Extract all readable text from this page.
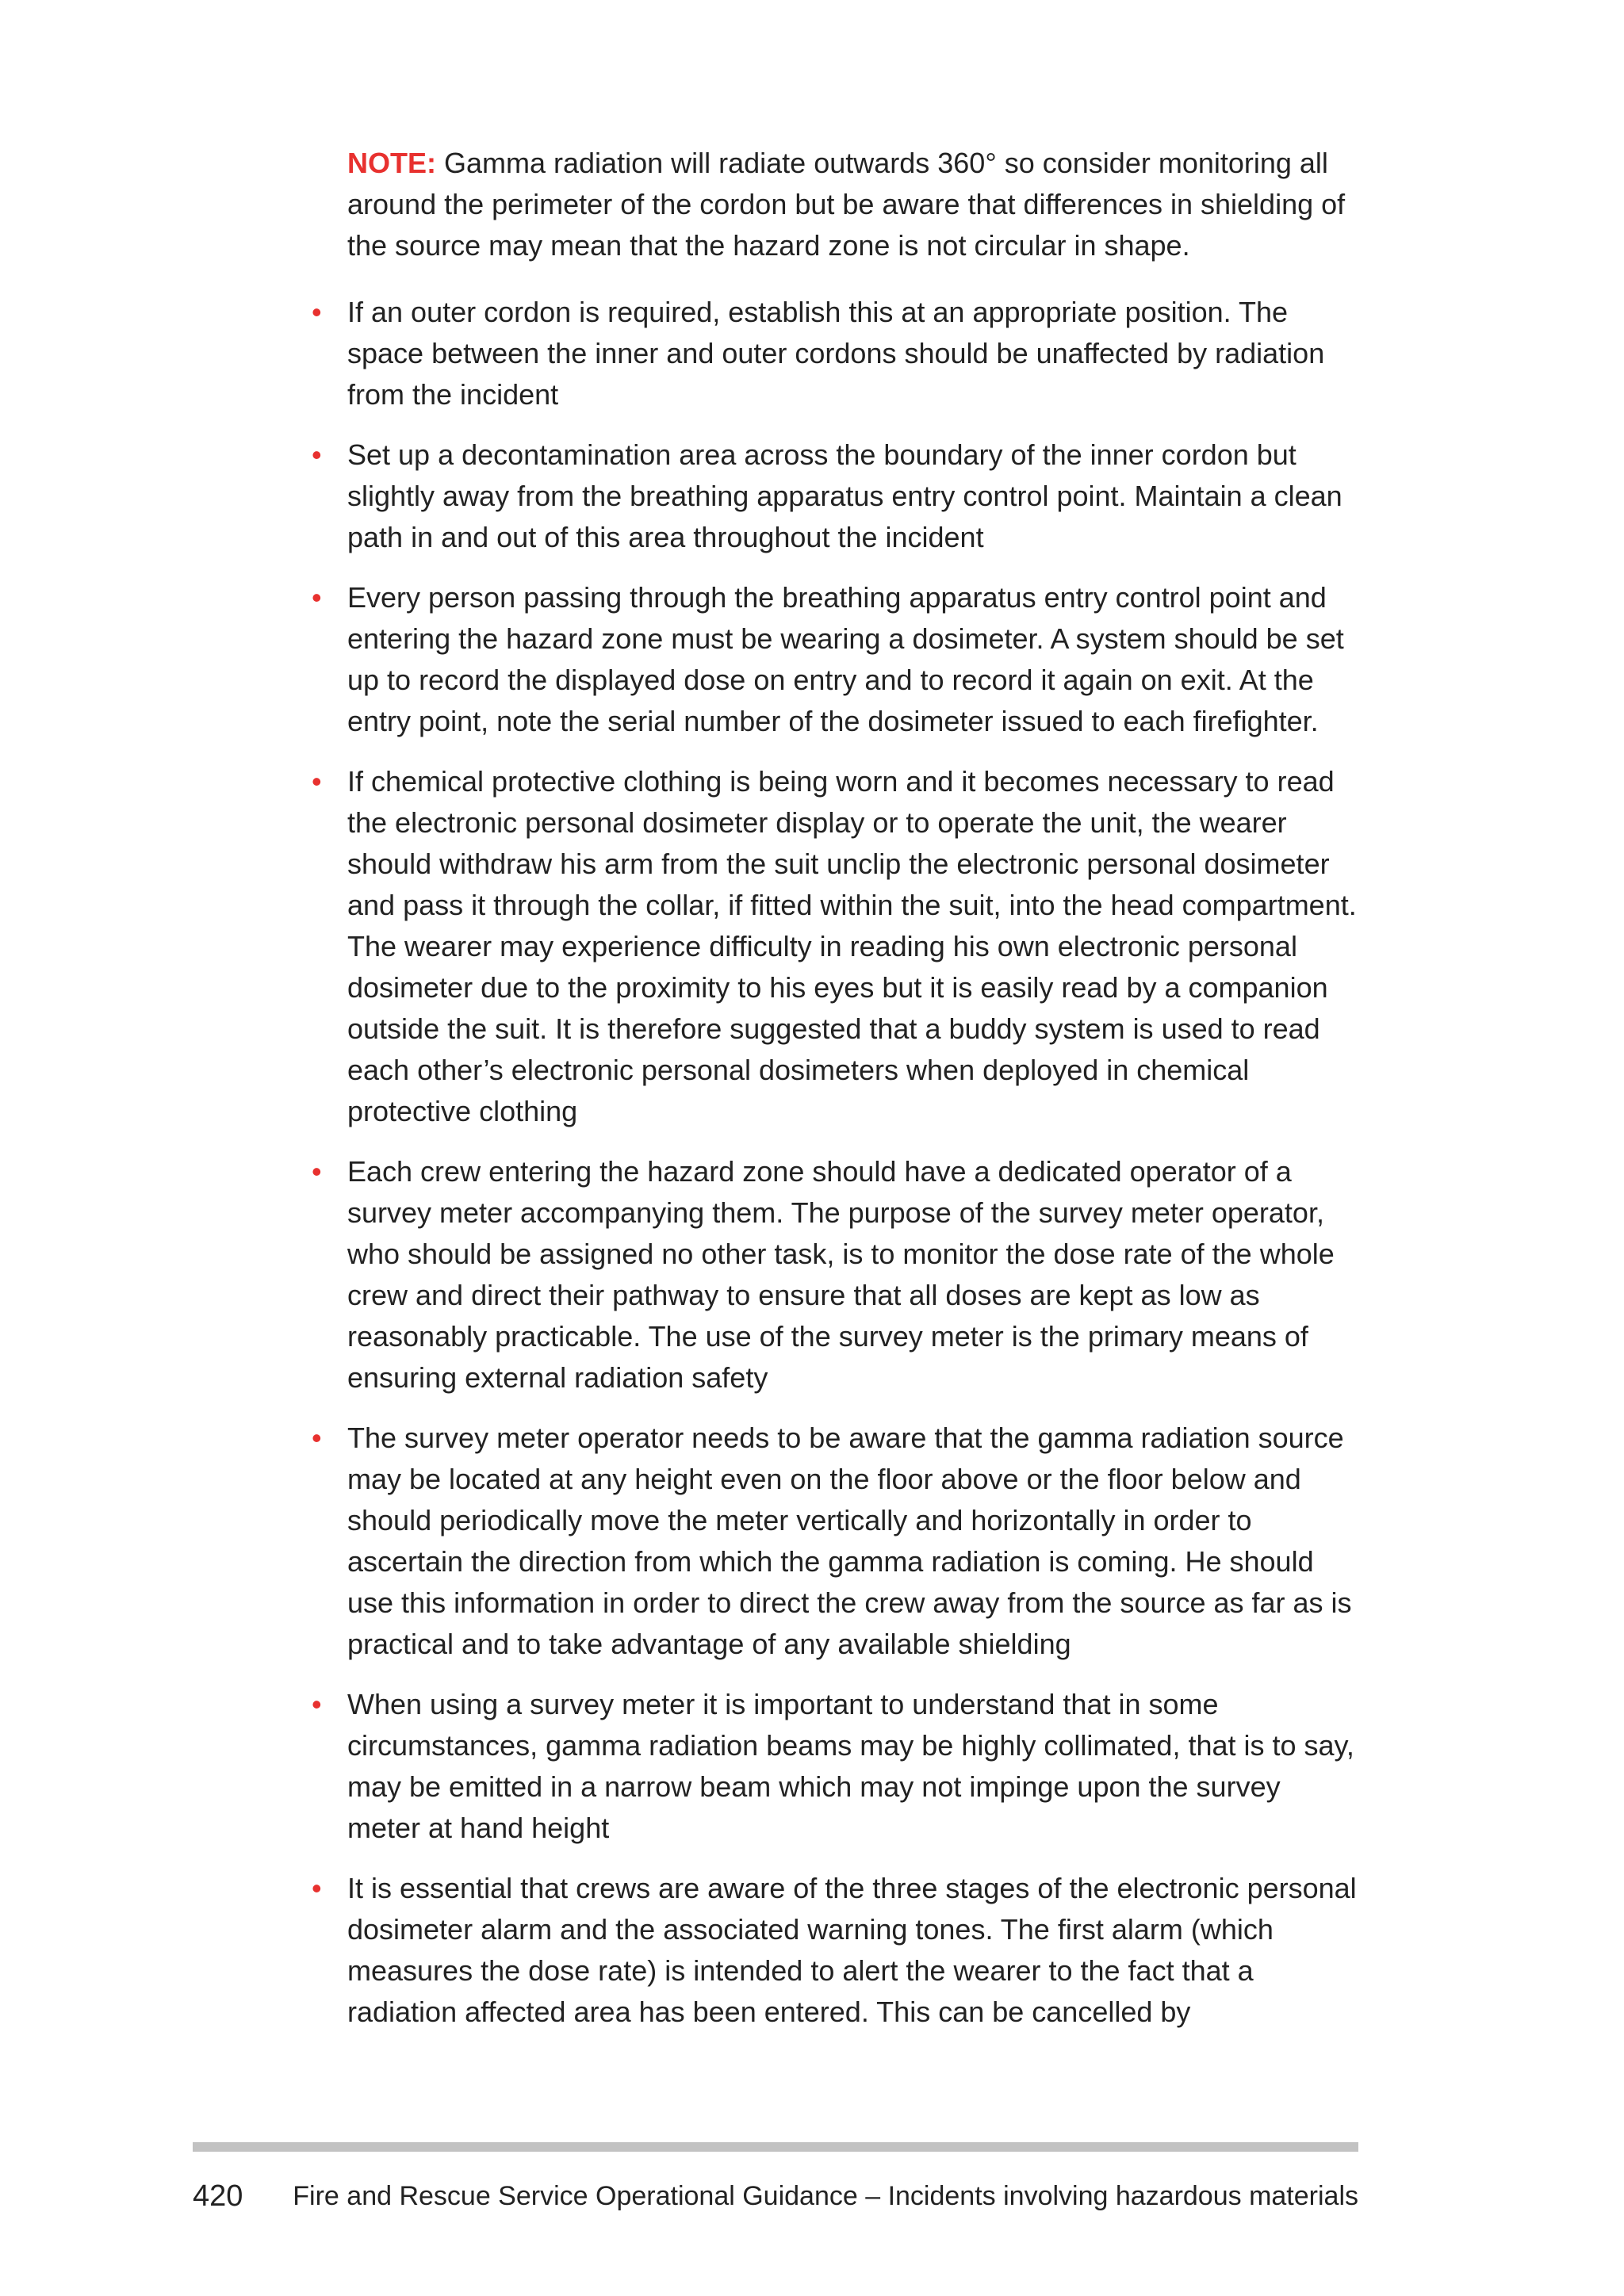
NOTE: Gamma radiation will radiate outwards 360° so consider monitoring all around the perimeter of the cordon but be aware that differences in shielding of the source may mean that the hazard zone is not circular in shape.

• If an outer cordon is required, establish this at an appropriate position. The space between the inner and outer cordons should be unaffected by radiation from the incident
• Set up a decontamination area across the boundary of the inner cordon but slightly away from the breathing apparatus entry control point. Maintain a clean path in and out of this area throughout the incident
• Every person passing through the breathing apparatus entry control point and entering the hazard zone must be wearing a dosimeter. A system should be set up to record the displayed dose on entry and to record it again on exit. At the entry point, note the serial number of the dosimeter issued to each firefighter.
• If chemical protective clothing is being worn and it becomes necessary to read the electronic personal dosimeter display or to operate the unit, the wearer should withdraw his arm from the suit unclip the electronic personal dosimeter and pass it through the collar, if fitted within the suit, into the head compartment. The wearer may experience difficulty in reading his own electronic personal dosimeter due to the proximity to his eyes but it is easily read by a companion outside the suit. It is therefore suggested that a buddy system is used to read each other’s electronic personal dosimeters when deployed in chemical protective clothing
• Each crew entering the hazard zone should have a dedicated operator of a survey meter accompanying them. The purpose of the survey meter operator, who should be assigned no other task, is to monitor the dose rate of the whole crew and direct their pathway to ensure that all doses are kept as low as reasonably practicable. The use of the survey meter is the primary means of ensuring external radiation safety
• The survey meter operator needs to be aware that the gamma radiation source may be located at any height even on the floor above or the floor below and should periodically move the meter vertically and horizontally in order to ascertain the direction from which the gamma radiation is coming. He should use this information in order to direct the crew away from the source as far as is practical and to take advantage of any available shielding
• When using a survey meter it is important to understand that in some circumstances, gamma radiation beams may be highly collimated, that is to say, may be emitted in a narrow beam which may not impinge upon the survey meter at hand height
• It is essential that crews are aware of the three stages of the electronic personal dosimeter alarm and the associated warning tones. The first alarm (which measures the dose rate) is intended to alert the wearer to the fact that a radiation affected area has been entered. This can be cancelled by
420 Fire and Rescue Service Operational Guidance – Incidents involving hazardous materials
